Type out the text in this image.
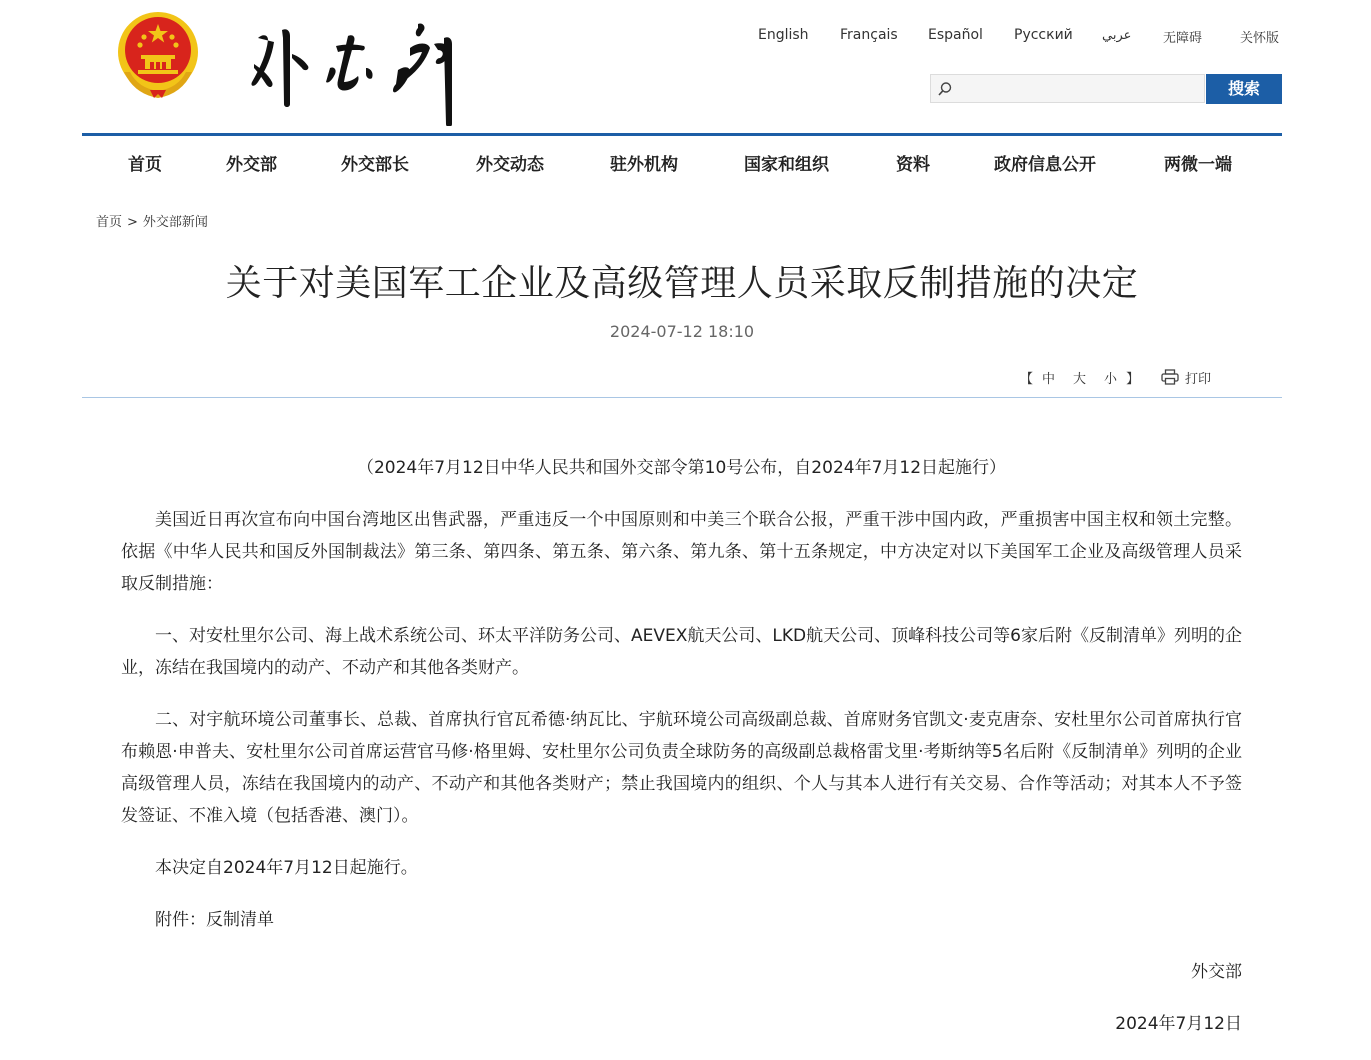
English Français Español Русский عربي 无障碍	关怀版
搜索
首页	外交部	外交部长	外交动态	驻外机构	国家和组织	资料	政府信息公开	两微一端
首页 > 外交部新闻
关于对美国军工企业及高级管理人员采取反制措施的决定
2024-07-12 18:10
【 中 大 小 】	打印

（2024年7月12日中华人民共和国外交部令第10号公布，自2024年7月12日起施行）

美国近日再次宣布向中国台湾地区出售武器，严重违反一个中国原则和中美三个联合公报，严重干涉中国内政，严重损害中国主权和领土完整。依据《中华人民共和国反外国制裁法》第三条、第四条、第五条、第六条、第九条、第十五条规定，中方决定对以下美国军工企业及高级管理人员采取反制措施：

一、对安杜里尔公司、海上战术系统公司、环太平洋防务公司、AEVEX航天公司、LKD航天公司、顶峰科技公司等6家后附《反制清单》列明的企业，冻结在我国境内的动产、不动产和其他各类财产。

二、对宇航环境公司董事长、总裁、首席执行官瓦希德·纳瓦比、宇航环境公司高级副总裁、首席财务官凯文·麦克唐奈、安杜里尔公司首席执行官布赖恩·申普夫、安杜里尔公司首席运营官马修·格里姆、安杜里尔公司负责全球防务的高级副总裁格雷戈里·考斯纳等5名后附《反制清单》列明的企业高级管理人员，冻结在我国境内的动产、不动产和其他各类财产；禁止我国境内的组织、个人与其本人进行有关交易、合作等活动；对其本人不予签发签证、不准入境（包括香港、澳门）。

本决定自2024年7月12日起施行。

附件：反制清单

外交部

2024年7月12日
